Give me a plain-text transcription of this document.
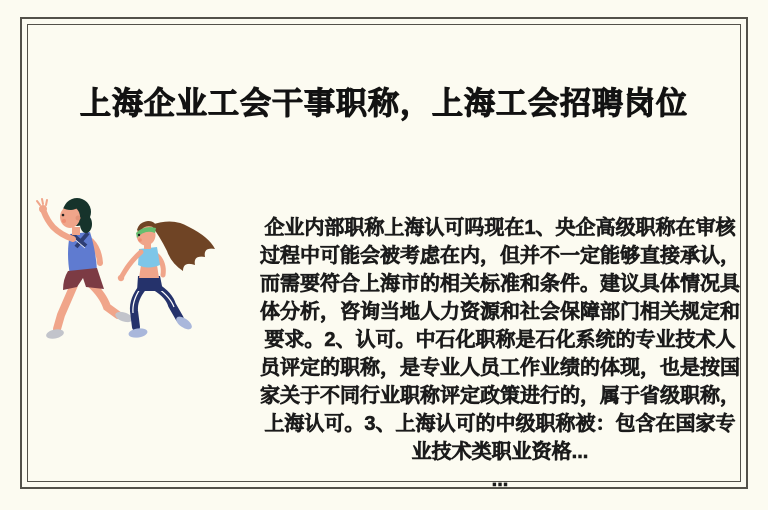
上海企业工会干事职称，上海工会招聘岗位
企业内部职称上海认可吗现在1、央企高级职称在审核过程中可能会被考虑在内，但并不一定能够直接承认，而需要符合上海市的相关标准和条件。建议具体情况具体分析，咨询当地人力资源和社会保障部门相关规定和要求。2、认可。中石化职称是石化系统的专业技术人员评定的职称，是专业人员工作业绩的体现，也是按国家关于不同行业职称评定政策进行的，属于省级职称，上海认可。3、上海认可的中级职称被：包含在国家专业技术类职业资格...
...
